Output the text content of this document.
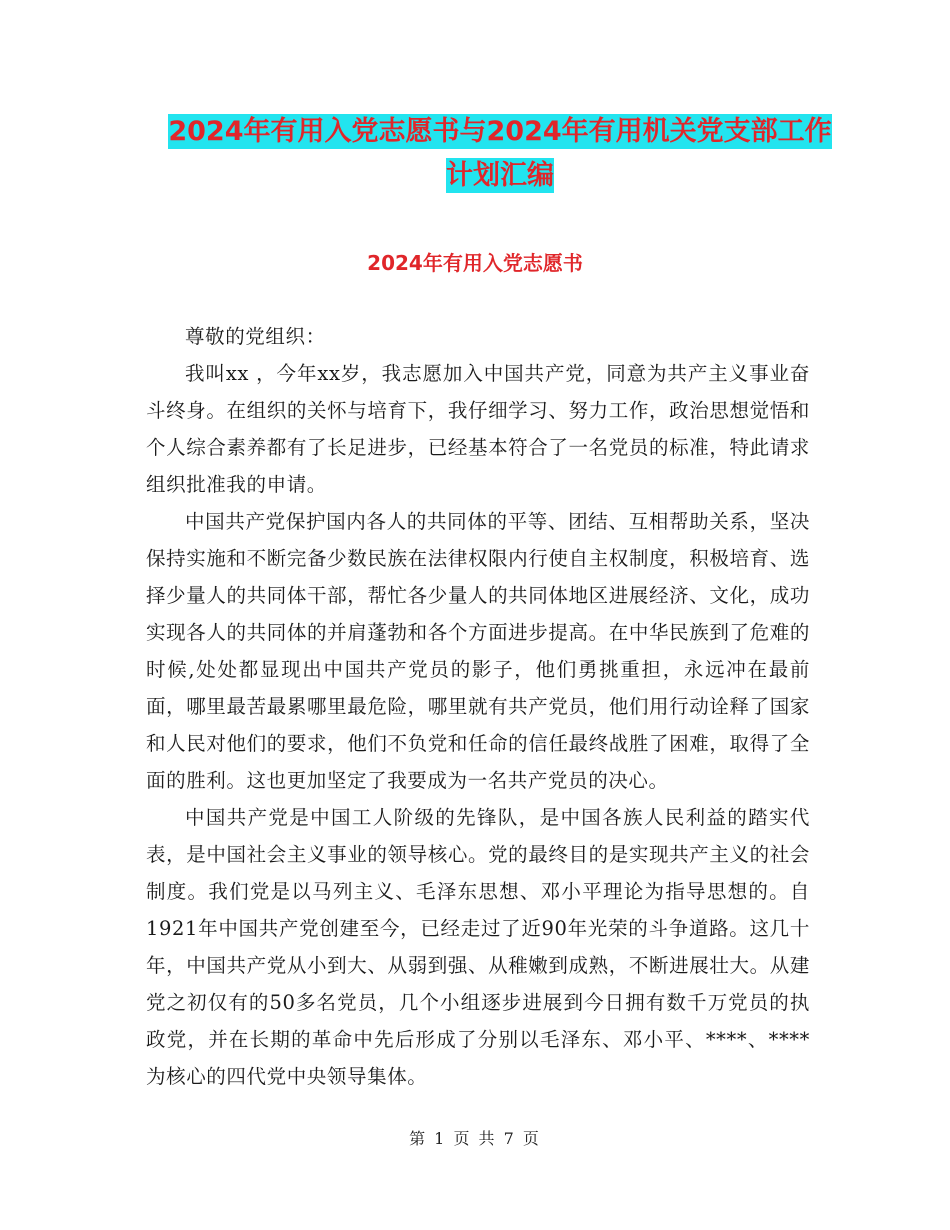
2024年有用入党志愿书与2024年有用机关党支部工作
计划汇编
2024年有用入党志愿书

尊敬的党组织：

我叫xx ，今年xx岁，我志愿加入中国共产党，同意为共产主义事业奋斗终身。在组织的关怀与培育下，我仔细学习、努力工作，政治思想觉悟和个人综合素养都有了长足进步，已经基本符合了一名党员的标准，特此请求组织批准我的申请。

中国共产党保护国内各人的共同体的平等、团结、互相帮助关系，坚决保持实施和不断完备少数民族在法律权限内行使自主权制度，积极培育、选择少量人的共同体干部，帮忙各少量人的共同体地区进展经济、文化，成功实现各人的共同体的并肩蓬勃和各个方面进步提高。在中华民族到了危难的时候,处处都显现出中国共产党员的影子，他们勇挑重担，永远冲在最前面，哪里最苦最累哪里最危险，哪里就有共产党员，他们用行动诠释了国家和人民对他们的要求，他们不负党和任命的信任最终战胜了困难，取得了全面的胜利。这也更加坚定了我要成为一名共产党员的决心。

中国共产党是中国工人阶级的先锋队，是中国各族人民利益的踏实代表，是中国社会主义事业的领导核心。党的最终目的是实现共产主义的社会制度。我们党是以马列主义、毛泽东思想、邓小平理论为指导思想的。自1921年中国共产党创建至今，已经走过了近90年光荣的斗争道路。这几十年，中国共产党从小到大、从弱到强、从稚嫩到成熟，不断进展壮大。从建党之初仅有的50多名党员，几个小组逐步进展到今日拥有数千万党员的执政党，并在长期的革命中先后形成了分别以毛泽东、邓小平、****、****为核心的四代党中央领导集体。

第 1 页 共 7 页
